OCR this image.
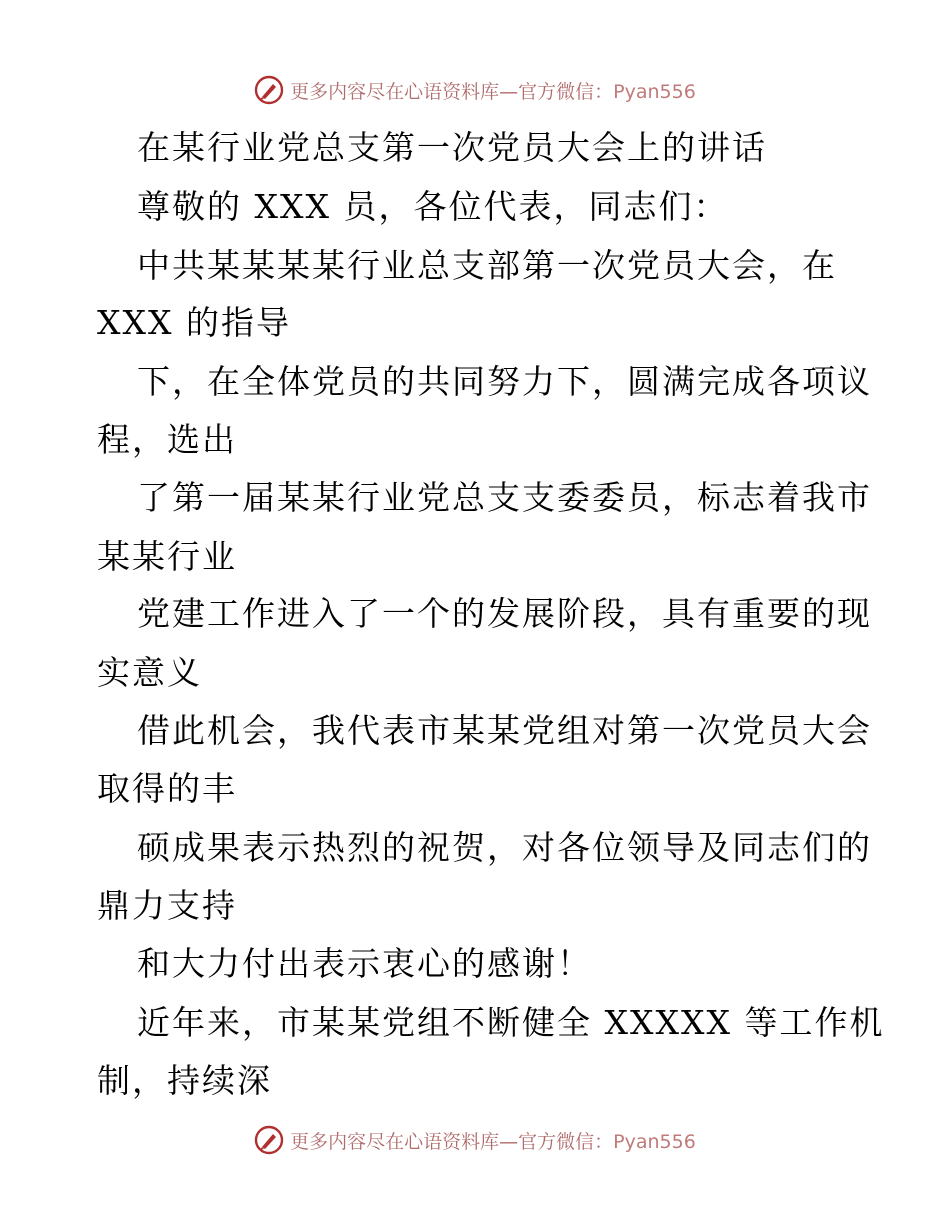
更多内容尽在心语资料库—官方微信：Pyan556
在某行业党总支第一次党员大会上的讲话
尊敬的 XXX 员，各位代表，同志们：
中共某某某某行业总支部第一次党员大会，在
XXX 的指导
下，在全体党员的共同努力下，圆满完成各项议
程，选出
了第一届某某行业党总支支委委员，标志着我市
某某行业
党建工作进入了一个的发展阶段，具有重要的现
实意义
借此机会，我代表市某某党组对第一次党员大会
取得的丰
硕成果表示热烈的祝贺，对各位领导及同志们的
鼎力支持
和大力付出表示衷心的感谢！
近年来，市某某党组不断健全 XXXXX 等工作机
制，持续深
更多内容尽在心语资料库—官方微信：Pyan556
